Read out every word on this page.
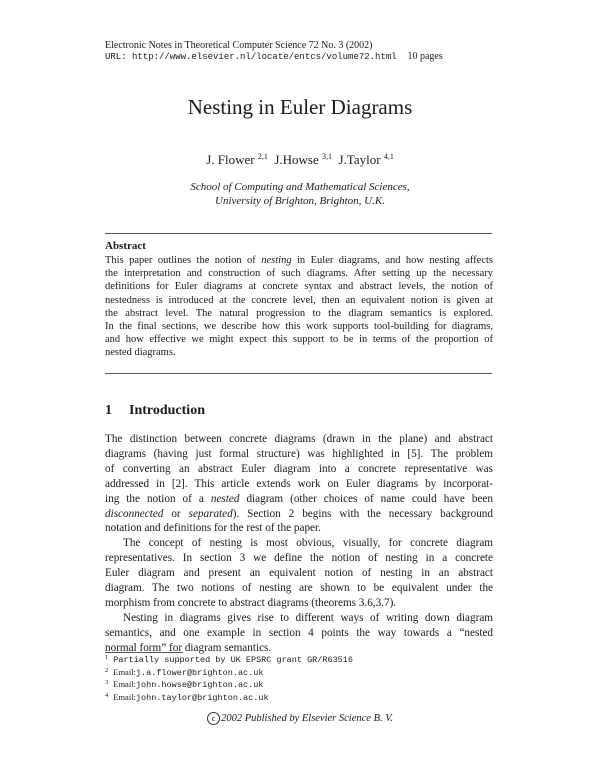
Electronic Notes in Theoretical Computer Science 72 No. 3 (2002)
URL: http://www.elsevier.nl/locate/entcs/volume72.html 10 pages
Nesting in Euler Diagrams
J. Flower $^{2,1}$ J.Howse $^{3,1}$ J.Taylor $^{4,1}$
School of Computing and Mathematical Sciences,
University of Brighton, Brighton, U.K.
Abstract
This paper outlines the notion of nesting in Euler diagrams, and how nesting affects
the interpretation and construction of such diagrams. After setting up the necessary
definitions for Euler diagrams at concrete syntax and abstract levels, the notion of
nestedness is introduced at the concrete level, then an equivalent notion is given at
the abstract level. The natural progression to the diagram semantics is explored.
In the final sections, we describe how this work supports tool-building for diagrams,
and how effective we might expect this support to be in terms of the proportion of
nested diagrams.
1 Introduction
The distinction between concrete diagrams (drawn in the plane) and abstract
diagrams (having just formal structure) was highlighted in [5]. The problem
of converting an abstract Euler diagram into a concrete representative was
addressed in [2]. This article extends work on Euler diagrams by incorporat-
ing the notion of a nested diagram (other choices of name could have been
disconnected or separated). Section 2 begins with the necessary background
notation and definitions for the rest of the paper.
The concept of nesting is most obvious, visually, for concrete diagram
representatives. In section 3 we define the notion of nesting in a concrete
Euler diagram and present an equivalent notion of nesting in an abstract
diagram. The two notions of nesting are shown to be equivalent under the
morphism from concrete to abstract diagrams (theorems 3.6,3.7).
Nesting in diagrams gives rise to different ways of writing down diagram
semantics, and one example in section 4 points the way towards a “nested
normal form” for diagram semantics.
$^1$ Partially supported by UK EPSRC grant GR/R63516
$^2$ Email:j.a.flower@brighton.ac.uk
$^3$ Email:john.howse@brighton.ac.uk
$^4$ Email:john.taylor@brighton.ac.uk
c 2002 Published by Elsevier Science B. V.
